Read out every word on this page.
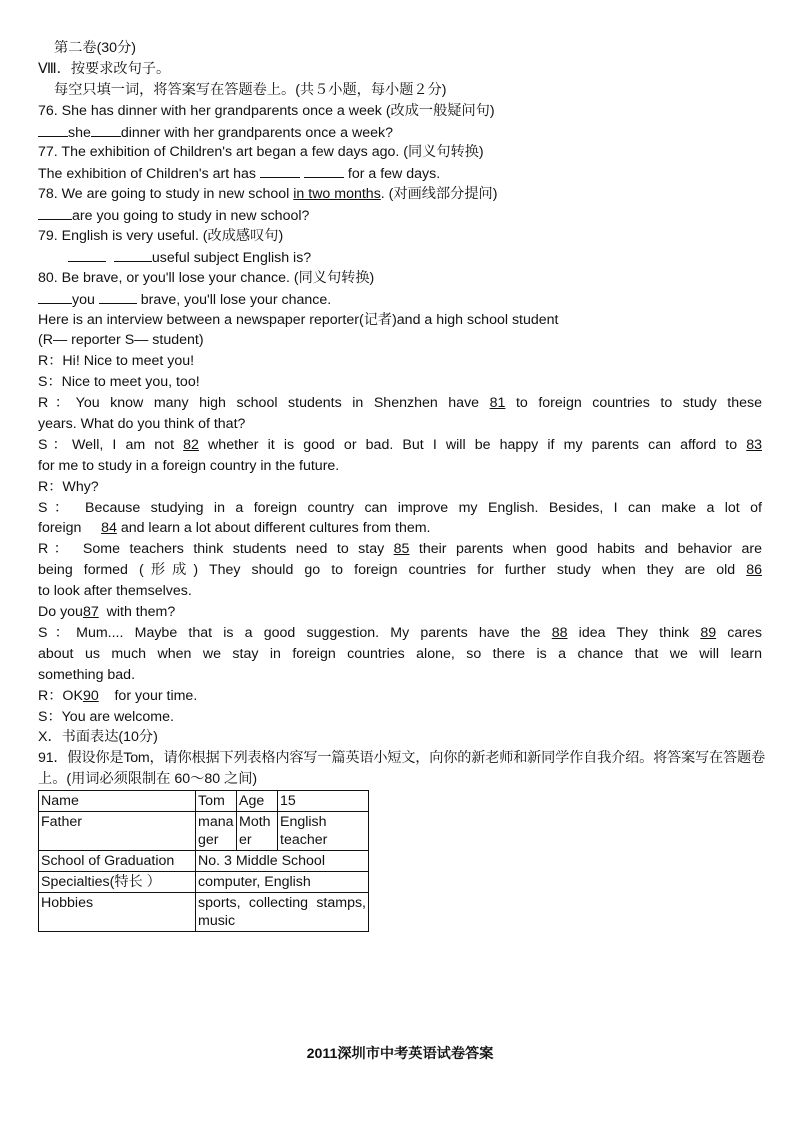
第二卷(30分)
Ⅷ．按要求改句子。
每空只填一词，将答案写在答题卷上。(共５小题，每小题２分)
76. She has dinner with her grandparents once a week (改成一般疑问句)
she dinner with her grandparents once a week?
77. The exhibition of Children's art began a few days ago. (同义句转换)
The exhibition of Children's art has	for a few days.
78. We are going to study in new school in two months. (对画线部分提问)
are you going to study in new school?
79. English is very useful. (改成感叹句)
useful subject English is?
80. Be brave, or you'll lose your chance. (同义句转换)
you	brave, you'll lose your chance.
Here is an interview between a newspaper reporter(记者)and a high school student
(R— reporter S— student)
R：Hi! Nice to meet you!
S：Nice to meet you, too!
R：You know many high school students in Shenzhen have 81 to foreign countries to study these
years. What do you think of that?
S：Well, I am not 82 whether it is good or bad. But I will be happy if my parents can afford to 83
for me to study in a foreign country in the future.
R：Why?
S： Because studying in a foreign country can improve my English. Besides, I can make a lot of
foreign     84 and learn a lot about different cultures from them.
R： Some teachers think students need to stay 85 their parents when good habits and behavior are
being formed (形成) They should go to foreign countries for further study when they are old 86
to look after themselves.
Do you87  with them?
S：Mum.... Maybe that is a good suggestion. My parents have the 88 idea They think 89 cares
about us much when we stay in foreign countries alone, so there is a chance that we will learn
something bad.
R：OK90    for your time.
S：You are welcome.
X．书面表达(10分)
91．假设你是Tom，请你根据下列表格内容写一篇英语小短文，向你的新老师和新同学作自我介绍。将答案写在答题卷
上。(用词必须限制在 60～80 之间)
Name	Tom	Age	15
Father	manager	Mother	English teacher
School of Graduation	No. 3 Middle School		
Specialties(特长 ）	computer, English		
Hobbies	sports, collecting stamps, music		
2011深圳市中考英语试卷答案
